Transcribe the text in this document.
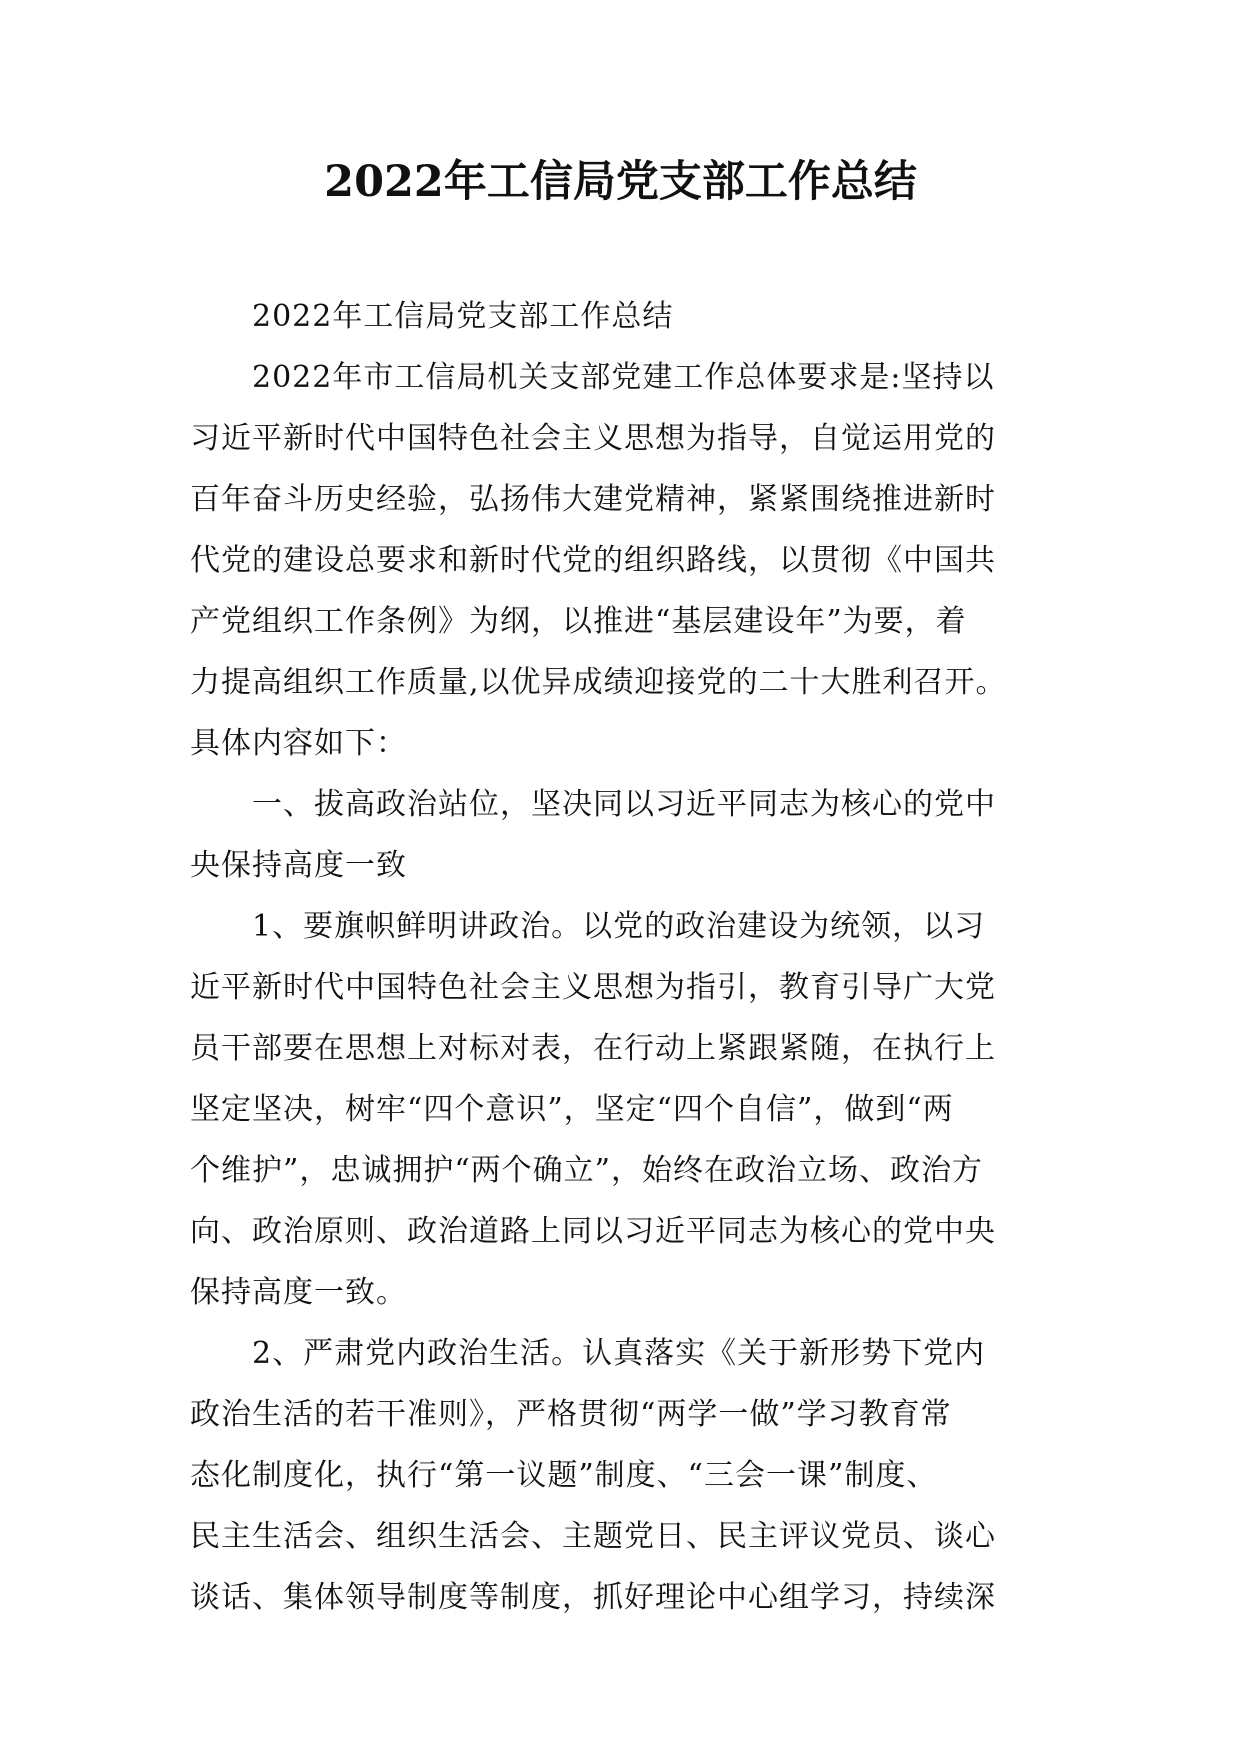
2022年工信局党支部工作总结

2022年工信局党支部工作总结

2022年市工信局机关支部党建工作总体要求是:坚持以
习近平新时代中国特色社会主义思想为指导，自觉运用党的
百年奋斗历史经验，弘扬伟大建党精神，紧紧围绕推进新时
代党的建设总要求和新时代党的组织路线，以贯彻《中国共
产党组织工作条例》为纲，以推进“基层建设年”为要，着
力提高组织工作质量,以优异成绩迎接党的二十大胜利召开。
具体内容如下：

一、拔高政治站位，坚决同以习近平同志为核心的党中
央保持高度一致

1、要旗帜鲜明讲政治。以党的政治建设为统领，以习
近平新时代中国特色社会主义思想为指引，教育引导广大党
员干部要在思想上对标对表，在行动上紧跟紧随，在执行上
坚定坚决，树牢“四个意识”，坚定“四个自信”，做到“两
个维护”，忠诚拥护“两个确立”，始终在政治立场、政治方
向、政治原则、政治道路上同以习近平同志为核心的党中央
保持高度一致。

2、严肃党内政治生活。认真落实《关于新形势下党内
政治生活的若干准则》，严格贯彻“两学一做”学习教育常
态化制度化，执行“第一议题”制度、“三会一课”制度、
民主生活会、组织生活会、主题党日、民主评议党员、谈心
谈话、集体领导制度等制度，抓好理论中心组学习，持续深
